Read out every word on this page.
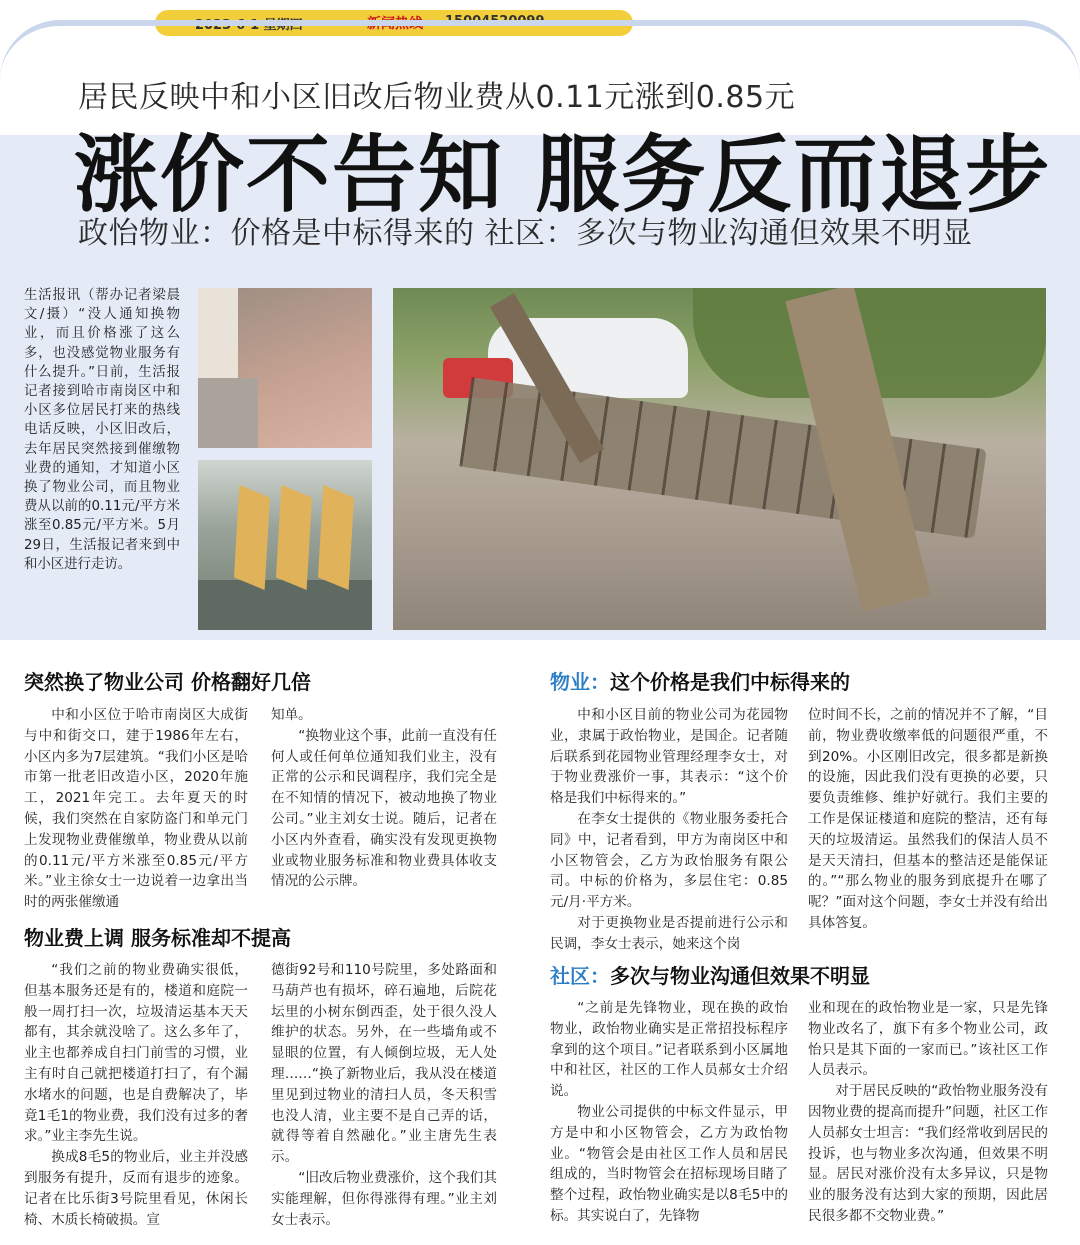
2023·6·1 星期四	新闻热线 15004520099
居民反映中和小区旧改后物业费从0.11元涨到0.85元
涨价不告知 服务反而退步
政怡物业：价格是中标得来的 社区：多次与物业沟通但效果不明显
生活报讯（帮办记者梁晨文/摄）“没人通知换物业，而且价格涨了这么多，也没感觉物业服务有什么提升。”日前，生活报记者接到哈市南岗区中和小区多位居民打来的热线电话反映，小区旧改后，去年居民突然接到催缴物业费的通知，才知道小区换了物业公司，而且物业费从以前的0.11元/平方米涨至0.85元/平方米。5月29日，生活报记者来到中和小区进行走访。
突然换了物业公司 价格翻好几倍

中和小区位于哈市南岗区大成街与中和街交口，建于1986年左右，小区内多为7层建筑。“我们小区是哈市第一批老旧改造小区，2020年施工，2021年完工。去年夏天的时候，我们突然在自家防盗门和单元门上发现物业费催缴单，物业费从以前的0.11元/平方米涨至0.85元/平方米。”业主徐女士一边说着一边拿出当时的两张催缴通

知单。

“换物业这个事，此前一直没有任何人或任何单位通知我们业主，没有正常的公示和民调程序，我们完全是在不知情的情况下，被动地换了物业公司。”业主刘女士说。随后，记者在小区内外查看，确实没有发现更换物业或物业服务标准和物业费具体收支情况的公示牌。

物业费上调 服务标准却不提高

“我们之前的物业费确实很低，但基本服务还是有的，楼道和庭院一般一周打扫一次，垃圾清运基本天天都有，其余就没啥了。这么多年了，业主也都养成自扫门前雪的习惯，业主有时自己就把楼道打扫了，有个漏水堵水的问题，也是自费解决了，毕竟1毛1的物业费，我们没有过多的奢求。”业主李先生说。

换成8毛5的物业后，业主并没感到服务有提升，反而有退步的迹象。记者在比乐街3号院里看见，休闲长椅、木质长椅破损。宣

德街92号和110号院里，多处路面和马葫芦也有损坏，碎石遍地，后院花坛里的小树东倒西歪，处于很久没人维护的状态。另外，在一些墙角或不显眼的位置，有人倾倒垃圾，无人处理……“换了新物业后，我从没在楼道里见到过物业的清扫人员，冬天积雪也没人清，业主要不是自己弄的话，就得等着自然融化。”业主唐先生表示。

“旧改后物业费涨价，这个我们其实能理解，但你得涨得有理。”业主刘女士表示。

物业：这个价格是我们中标得来的

中和小区目前的物业公司为花园物业，隶属于政怡物业，是国企。记者随后联系到花园物业管理经理李女士，对于物业费涨价一事，其表示：“这个价格是我们中标得来的。”

在李女士提供的《物业服务委托合同》中，记者看到，甲方为南岗区中和小区物管会，乙方为政怡服务有限公司。中标的价格为，多层住宅：0.85元/月·平方米。

对于更换物业是否提前进行公示和民调，李女士表示，她来这个岗

位时间不长，之前的情况并不了解，“目前，物业费收缴率低的问题很严重，不到20%。小区刚旧改完，很多都是新换的设施，因此我们没有更换的必要，只要负责维修、维护好就行。我们主要的工作是保证楼道和庭院的整洁，还有每天的垃圾清运。虽然我们的保洁人员不是天天清扫，但基本的整洁还是能保证的。”“那么物业的服务到底提升在哪了呢？”面对这个问题，李女士并没有给出具体答复。

社区：多次与物业沟通但效果不明显

“之前是先锋物业，现在换的政怡物业，政怡物业确实是正常招投标程序拿到的这个项目。”记者联系到小区属地中和社区，社区的工作人员郝女士介绍说。

物业公司提供的中标文件显示，甲方是中和小区物管会，乙方为政怡物业。“物管会是由社区工作人员和居民组成的，当时物管会在招标现场目睹了整个过程，政怡物业确实是以8毛5中的标。其实说白了，先锋物

业和现在的政怡物业是一家，只是先锋物业改名了，旗下有多个物业公司，政怡只是其下面的一家而已。”该社区工作人员表示。

对于居民反映的“政怡物业服务没有因物业费的提高而提升”问题，社区工作人员郝女士坦言：“我们经常收到居民的投诉，也与物业多次沟通，但效果不明显。居民对涨价没有太多异议，只是物业的服务没有达到大家的预期，因此居民很多都不交物业费。”
